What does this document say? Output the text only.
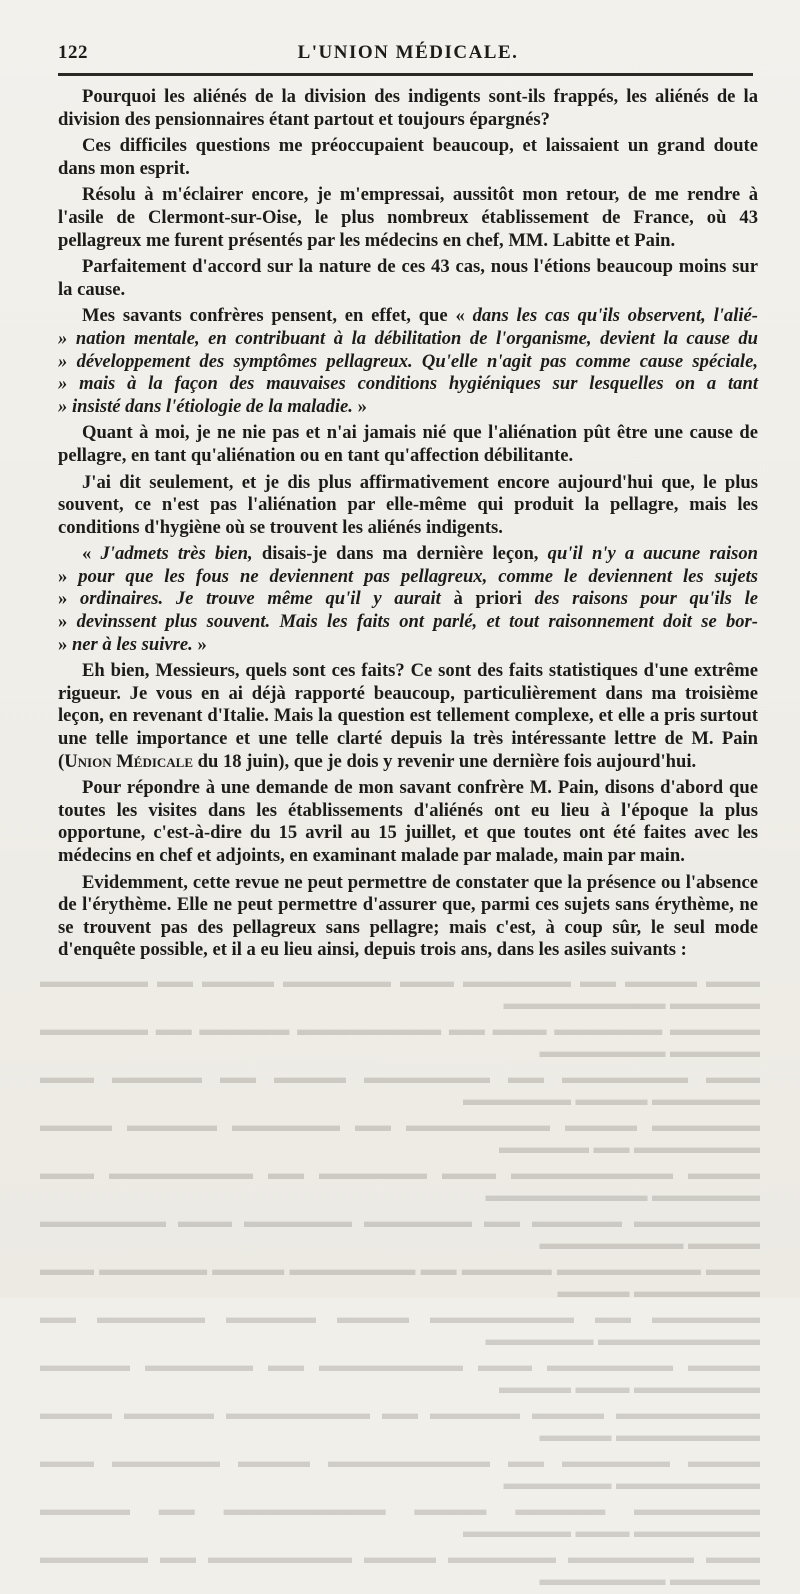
122	L'UNION MÉDICALE.

Pourquoi les aliénés de la division des indigents sont-ils frappés, les aliénés de la division des pensionnaires étant partout et toujours épargnés?

Ces difficiles questions me préoccupaient beaucoup, et laissaient un grand doute dans mon esprit.

Résolu à m'éclairer encore, je m'empressai, aussitôt mon retour, de me rendre à l'asile de Clermont-sur-Oise, le plus nombreux établissement de France, où 43 pellagreux me furent présentés par les médecins en chef, MM. Labitte et Pain.

Parfaitement d'accord sur la nature de ces 43 cas, nous l'étions beaucoup moins sur la cause.

Mes savants confrères pensent, en effet, que « dans les cas qu'ils observent, l'alié-
» nation mentale, en contribuant à la débilitation de l'organisme, devient la cause du
» développement des symptômes pellagreux. Qu'elle n'agit pas comme cause spéciale,
» mais à la façon des mauvaises conditions hygiéniques sur lesquelles on a tant
» insisté dans l'étiologie de la maladie. »

Quant à moi, je ne nie pas et n'ai jamais nié que l'aliénation pût être une cause de pellagre, en tant qu'aliénation ou en tant qu'affection débilitante.

J'ai dit seulement, et je dis plus affirmativement encore aujourd'hui que, le plus souvent, ce n'est pas l'aliénation par elle-même qui produit la pellagre, mais les conditions d'hygiène où se trouvent les aliénés indigents.

« J'admets très bien, disais-je dans ma dernière leçon, qu'il n'y a aucune raison
» pour que les fous ne deviennent pas pellagreux, comme le deviennent les sujets
» ordinaires. Je trouve même qu'il y aurait à priori des raisons pour qu'ils le
» devinssent plus souvent. Mais les faits ont parlé, et tout raisonnement doit se bor-
» ner à les suivre. »

Eh bien, Messieurs, quels sont ces faits? Ce sont des faits statistiques d'une extrême rigueur. Je vous en ai déjà rapporté beaucoup, particulièrement dans ma troisième leçon, en revenant d'Italie. Mais la question est tellement complexe, et elle a pris surtout une telle importance et une telle clarté depuis la très intéressante lettre de M. Pain (Union Médicale du 18 juin), que je dois y revenir une dernière fois aujourd'hui.

Pour répondre à une demande de mon savant confrère M. Pain, disons d'abord que toutes les visites dans les établissements d'aliénés ont eu lieu à l'époque la plus opportune, c'est-à-dire du 15 avril au 15 juillet, et que toutes ont été faites avec les médecins en chef et adjoints, en examinant malade par malade, main par main.

Evidemment, cette revue ne peut permettre de constater que la présence ou l'absence de l'érythème. Elle ne peut permettre d'assurer que, parmi ces sujets sans érythème, ne se trouvent pas des pellagreux sans pellagre; mais c'est, à coup sûr, le seul mode d'enquête possible, et il a eu lieu ainsi, depuis trois ans, dans les asiles suivants :

▬▬▬ ▬▬▬▬ ▬▬ ▬▬▬▬▬▬ ▬▬▬ ▬▬▬▬▬▬ ▬▬▬▬ ▬▬ ▬▬▬▬▬▬ ▬▬▬▬▬ ▬▬▬▬▬▬▬▬▬

▬▬▬▬▬ ▬▬▬▬▬▬ ▬▬▬ ▬▬ ▬▬▬▬▬▬▬▬ ▬▬▬▬▬ ▬▬ ▬▬▬▬▬▬ ▬▬▬▬▬ ▬▬▬▬▬▬▬

▬▬▬ ▬▬▬▬▬▬▬ ▬▬ ▬▬▬▬▬▬▬ ▬▬▬▬ ▬▬ ▬▬▬▬▬ ▬▬▬ ▬▬▬▬▬▬ ▬▬▬▬ ▬▬▬▬▬▬

▬▬▬▬▬▬ ▬▬▬▬ ▬▬▬▬▬▬▬▬ ▬▬ ▬▬▬▬▬▬ ▬▬▬▬▬ ▬▬▬▬ ▬▬▬▬▬▬▬ ▬▬ ▬▬▬▬▬

▬▬▬▬ ▬▬▬▬▬▬▬▬▬ ▬▬▬ ▬▬▬▬▬▬ ▬▬ ▬▬▬▬▬▬▬▬ ▬▬▬ ▬▬▬▬▬▬ ▬▬▬▬▬▬▬▬▬

▬▬▬▬▬▬▬ ▬▬▬▬▬ ▬▬ ▬▬▬▬▬▬ ▬▬▬▬▬▬ ▬▬▬ ▬▬▬▬▬▬▬ ▬▬▬▬ ▬▬▬▬▬▬▬▬

▬▬▬ ▬▬▬▬▬▬▬▬ ▬▬▬▬▬ ▬▬ ▬▬▬▬▬▬▬ ▬▬▬▬ ▬▬▬▬▬▬ ▬▬▬ ▬▬▬▬▬▬▬ ▬▬▬▬

▬▬▬▬▬▬ ▬▬ ▬▬▬▬▬▬▬▬ ▬▬▬▬ ▬▬▬▬▬ ▬▬▬▬▬▬ ▬▬ ▬▬▬▬▬▬▬▬▬ ▬▬▬▬▬▬

▬▬▬▬ ▬▬▬▬▬▬▬ ▬▬▬ ▬▬▬▬▬▬▬▬ ▬▬ ▬▬▬▬▬▬ ▬▬▬▬▬ ▬▬▬▬▬▬▬ ▬▬▬ ▬▬▬▬

▬▬▬▬▬▬▬▬ ▬▬▬▬ ▬▬▬▬▬ ▬▬ ▬▬▬▬▬▬▬▬ ▬▬▬▬▬ ▬▬▬▬ ▬▬▬▬▬▬▬▬ ▬▬▬▬

▬▬▬▬ ▬▬▬▬▬▬ ▬▬ ▬▬▬▬▬▬▬▬▬ ▬▬▬▬ ▬▬▬▬▬▬ ▬▬▬ ▬▬▬▬▬▬▬▬ ▬▬▬▬▬▬

▬▬▬▬▬▬▬ ▬▬▬▬▬ ▬▬▬▬ ▬▬▬▬▬▬▬▬▬ ▬▬ ▬▬▬▬▬ ▬▬▬▬▬▬▬ ▬▬▬ ▬▬▬▬▬▬

▬▬▬ ▬▬▬▬▬▬▬ ▬▬▬▬▬▬ ▬▬▬▬ ▬▬▬▬▬▬▬▬ ▬▬ ▬▬▬▬▬▬ ▬▬▬▬▬ ▬▬▬▬▬▬▬
